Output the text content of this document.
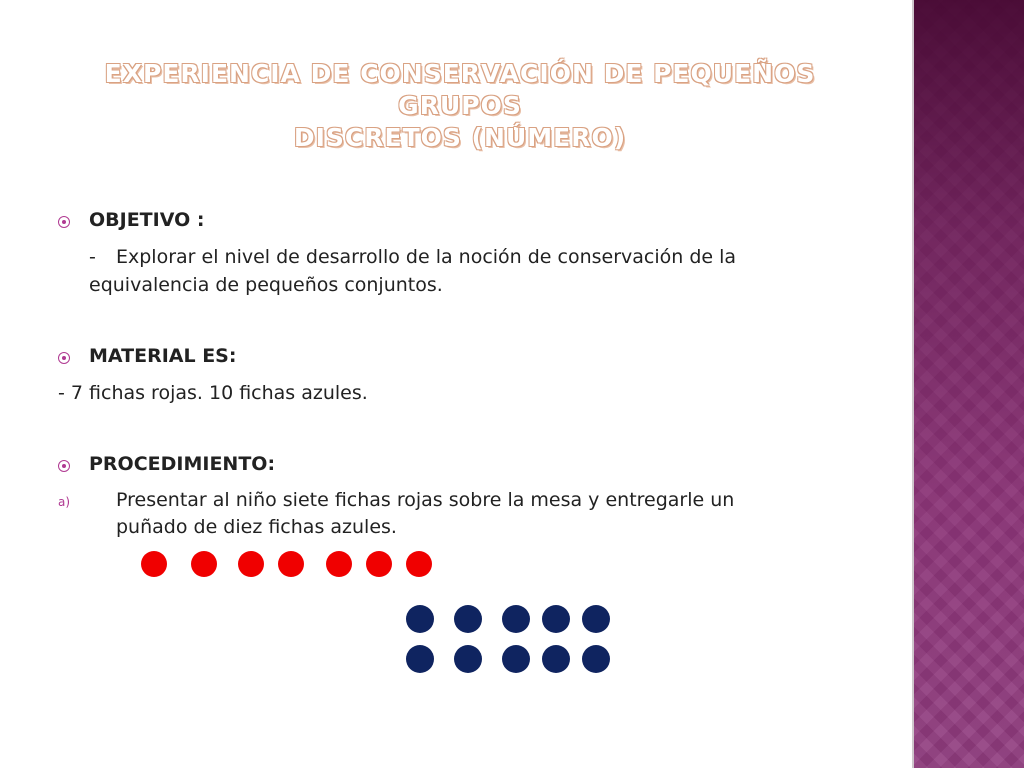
EXPERIENCIA DE CONSERVACIÓN DE PEQUEÑOS GRUPOS
DISCRETOS (NÚMERO)
OBJETIVO :
- Explorar el nivel de desarrollo de la noción de conservación de la
equivalencia de pequeños conjuntos.
MATERIAL ES:
- 7 fichas rojas. 10 fichas azules.
PROCEDIMIENTO:
a) Presentar al niño siete fichas rojas sobre la mesa y entregarle un
puñado de diez fichas azules.
